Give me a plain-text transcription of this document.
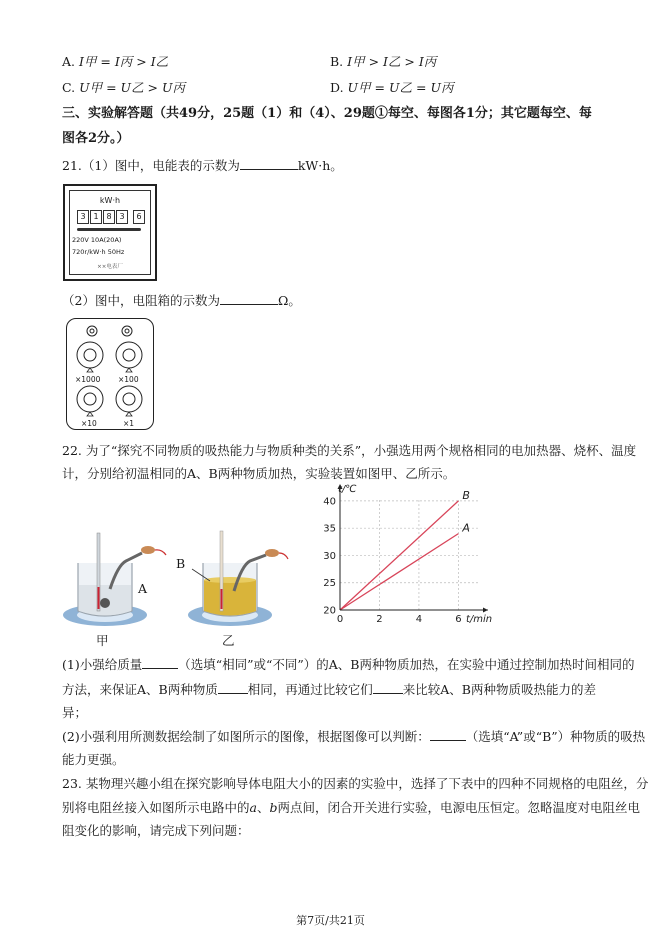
A. I甲 = I丙 > I乙	B. I甲 > I乙 > I丙
C. U甲 = U乙 > U丙	D. U甲 = U乙 = U丙
三、实验解答题（共49分，25题（1）和（4）、29题①每空、每图各1分；其它题每空、每
图各2分。）
21.（1）图中，电能表的示数为	kW·h。
kW·h
3 1 8 3	6
220V 10A(20A)
720r/kW·h 50Hz
××电表厂
（2）图中，电阻箱的示数为	Ω。
×1000 ×100
×10	×1
22. 为了“探究不同物质的吸热能力与物质种类的关系”，小强选用两个规格相同的电加热器、烧杯、温度
计，分别给初温相同的A、B两种物质加热，实验装置如图甲、乙所示。
A
甲
B
乙
20
25
30
35
40
0	2	4	6 t/min
t/℃
A
B
(1)小强给质量	（选填“相同”或“不同”）的A、B两种物质加热，在实验中通过控制加热时间相同的
方法，来保证A、B两种物质 相同，再通过比较它们 来比较A、B两种物质吸热能力的差
异；
(2)小强利用所测数据绘制了如图所示的图像，根据图像可以判断：	（选填“A”或“B”）种物质的吸热
能力更强。
23. 某物理兴趣小组在探究影响导体电阻大小的因素的实验中，选择了下表中的四种不同规格的电阻丝，分
别将电阻丝接入如图所示电路中的a、b两点间，闭合开关进行实验，电源电压恒定。忽略温度对电阻丝电
阻变化的影响，请完成下列问题：
第7页/共21页
